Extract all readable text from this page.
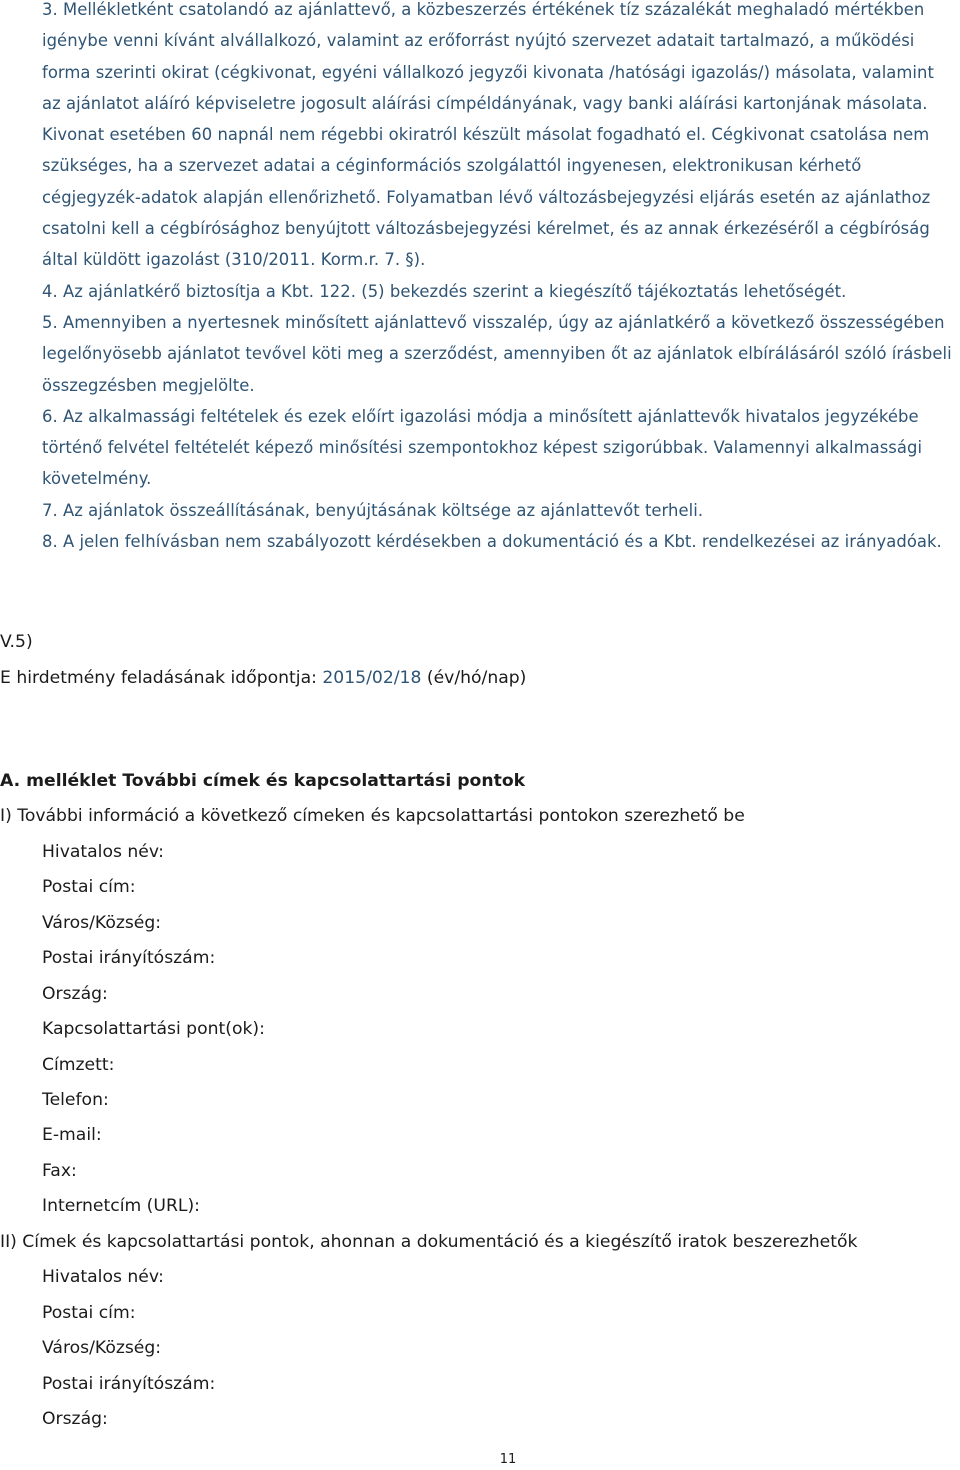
3. Mellékletként csatolandó az ajánlattevő, a közbeszerzés értékének tíz százalékát meghaladó mértékben igénybe venni kívánt alvállalkozó, valamint az erőforrást nyújtó szervezet adatait tartalmazó, a működési forma szerinti okirat (cégkivonat, egyéni vállalkozó jegyzői kivonata /hatósági igazolás/) másolata, valamint az ajánlatot aláíró képviseletre jogosult aláírási címpéldányának, vagy banki aláírási kartonjának másolata. Kivonat esetében 60 napnál nem régebbi okiratról készült másolat fogadható el. Cégkivonat csatolása nem szükséges, ha a szervezet adatai a céginformációs szolgálattól ingyenesen, elektronikusan kérhető cégjegyzék-adatok alapján ellenőrizhető. Folyamatban lévő változásbejegyzési eljárás esetén az ajánlathoz csatolni kell a cégbírósághoz benyújtott változásbejegyzési kérelmet, és az annak érkezéséről a cégbíróság által küldött igazolást (310/2011. Korm.r. 7. §).

4. Az ajánlatkérő biztosítja a Kbt. 122. (5) bekezdés szerint a kiegészítő tájékoztatás lehetőségét.

5. Amennyiben a nyertesnek minősített ajánlattevő visszalép, úgy az ajánlatkérő a következő összességében legelőnyösebb ajánlatot tevővel köti meg a szerződést, amennyiben őt az ajánlatok elbírálásáról szóló írásbeli összegzésben megjelölte.

6. Az alkalmassági feltételek és ezek előírt igazolási módja a minősített ajánlattevők hivatalos jegyzékébe történő felvétel feltételét képező minősítési szempontokhoz képest szigorúbbak. Valamennyi alkalmassági követelmény.

7. Az ajánlatok összeállításának, benyújtásának költsége az ajánlattevőt terheli.

8. A jelen felhívásban nem szabályozott kérdésekben a dokumentáció és a Kbt. rendelkezései az irányadóak.

V.5)
E hirdetmény feladásának időpontja: 2015/02/18 (év/hó/nap)
A. melléklet További címek és kapcsolattartási pontok
I) További információ a következő címeken és kapcsolattartási pontokon szerezhető be
Hivatalos név:
Postai cím:
Város/Község:
Postai irányítószám:
Ország:
Kapcsolattartási pont(ok):
Címzett:
Telefon:
E-mail:
Fax:
Internetcím (URL):
II) Címek és kapcsolattartási pontok, ahonnan a dokumentáció és a kiegészítő iratok beszerezhetők
Hivatalos név:
Postai cím:
Város/Község:
Postai irányítószám:
Ország:
11
